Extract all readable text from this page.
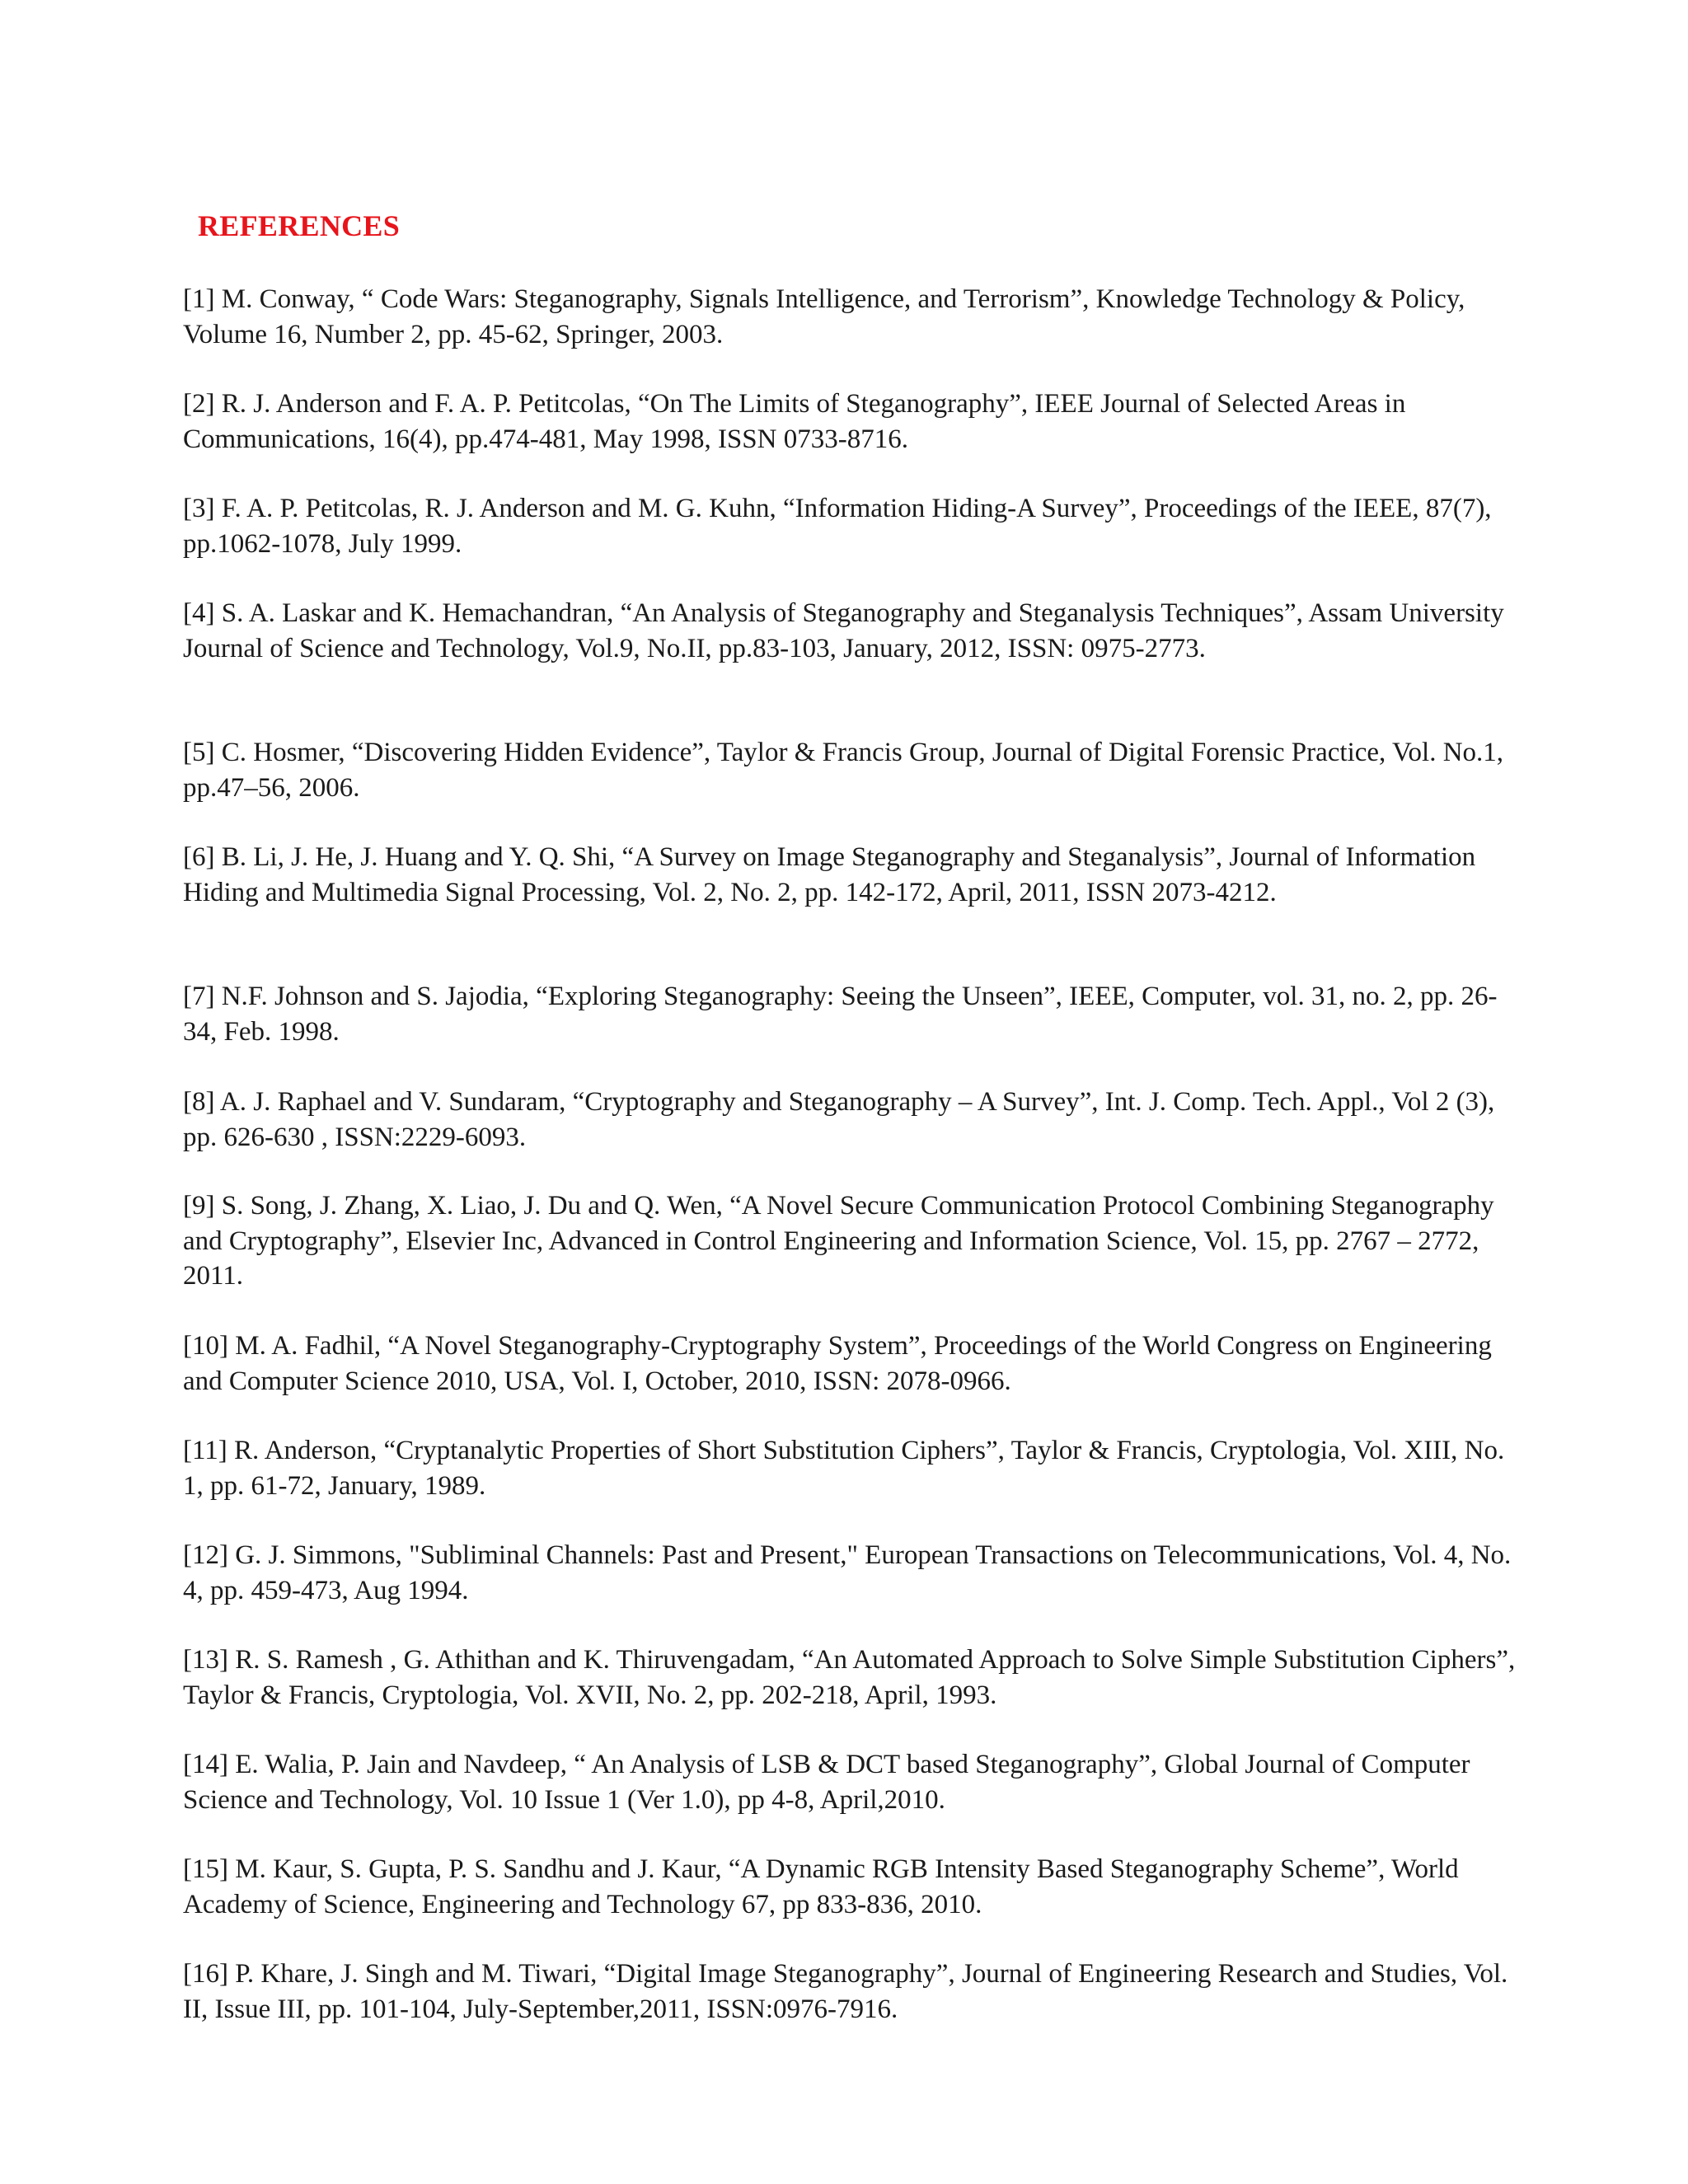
REFERENCES

[1] M. Conway, “ Code Wars: Steganography, Signals Intelligence, and Terrorism”, Knowledge Technology & Policy, Volume 16, Number 2, pp. 45-62, Springer, 2003.

[2] R. J. Anderson and F. A. P. Petitcolas, “On The Limits of Steganography”, IEEE Journal of Selected Areas in Communications, 16(4), pp.474-481, May 1998, ISSN 0733-8716.

[3] F. A. P. Petitcolas, R. J. Anderson and M. G. Kuhn, “Information Hiding-A Survey”, Proceedings of the IEEE, 87(7), pp.1062-1078, July 1999.

[4] S. A. Laskar and K. Hemachandran, “An Analysis of Steganography and Steganalysis Techniques”, Assam University Journal of Science and Technology, Vol.9, No.II, pp.83-103, January, 2012, ISSN: 0975-2773.

[5] C. Hosmer, “Discovering Hidden Evidence”, Taylor & Francis Group, Journal of Digital Forensic Practice, Vol. No.1, pp.47–56, 2006.

[6] B. Li, J. He, J. Huang and Y. Q. Shi, “A Survey on Image Steganography and Steganalysis”, Journal of Information Hiding and Multimedia Signal Processing, Vol. 2, No. 2, pp. 142-172, April, 2011, ISSN 2073-4212.

[7] N.F. Johnson and S. Jajodia, “Exploring Steganography: Seeing the Unseen”, IEEE, Computer, vol. 31, no. 2, pp. 26-34, Feb. 1998.

[8] A. J. Raphael and V. Sundaram, “Cryptography and Steganography – A Survey”, Int. J. Comp. Tech. Appl., Vol 2 (3), pp. 626-630 , ISSN:2229-6093.

[9] S. Song, J. Zhang, X. Liao, J. Du and Q. Wen, “A Novel Secure Communication Protocol Combining Steganography and Cryptography”, Elsevier Inc, Advanced in Control Engineering and Information Science, Vol. 15, pp. 2767 – 2772, 2011.

[10] M. A. Fadhil, “A Novel Steganography-Cryptography System”, Proceedings of the World Congress on Engineering and Computer Science 2010, USA, Vol. I, October, 2010, ISSN: 2078-0966.

[11] R. Anderson, “Cryptanalytic Properties of Short Substitution Ciphers”, Taylor & Francis, Cryptologia, Vol. XIII, No. 1, pp. 61-72, January, 1989.

[12] G. J. Simmons, "Subliminal Channels: Past and Present," European Transactions on Telecommunications, Vol. 4, No. 4, pp. 459-473, Aug 1994.

[13] R. S. Ramesh , G. Athithan and K. Thiruvengadam, “An Automated Approach to Solve Simple Substitution Ciphers”, Taylor & Francis, Cryptologia, Vol. XVII, No. 2, pp. 202-218, April, 1993.

[14] E. Walia, P. Jain and Navdeep, “ An Analysis of LSB & DCT based Steganography”, Global Journal of Computer Science and Technology, Vol. 10 Issue 1 (Ver 1.0), pp 4-8, April,2010.

[15] M. Kaur, S. Gupta, P. S. Sandhu and J. Kaur, “A Dynamic RGB Intensity Based Steganography Scheme”, World Academy of Science, Engineering and Technology 67, pp 833-836, 2010.

[16] P. Khare, J. Singh and M. Tiwari, “Digital Image Steganography”, Journal of Engineering Research and Studies, Vol. II, Issue III, pp. 101-104, July-September,2011, ISSN:0976-7916.
